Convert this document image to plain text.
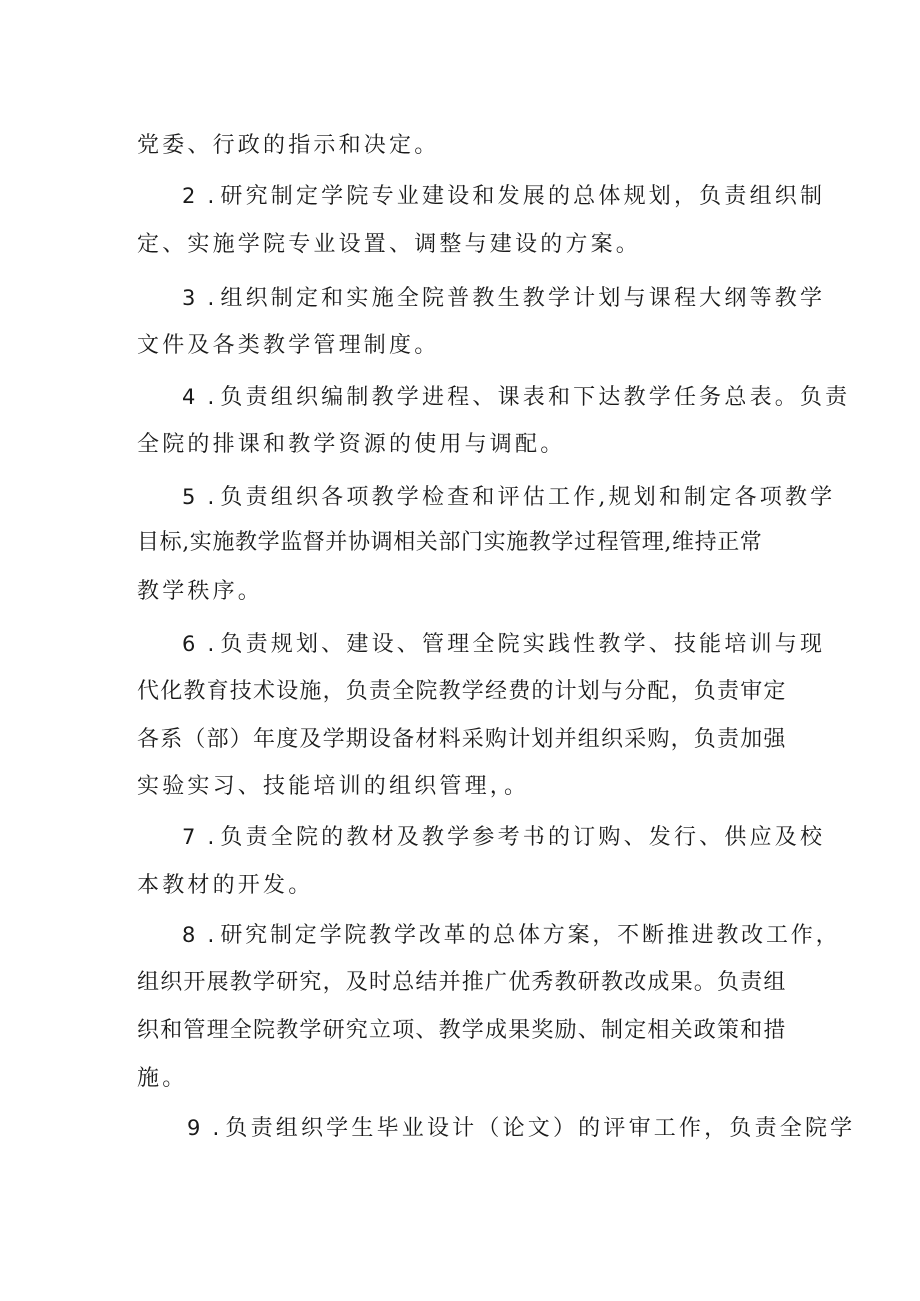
党委、行政的指示和决定。
2 . 研究制定学院专业建设和发展的总体规划，负责组织制
定、实施学院专业设置、调整与建设的方案。
3 . 组织制定和实施全院普教生教学计划与课程大纲等教学
文件及各类教学管理制度。
4 . 负责组织编制教学进程、课表和下达教学任务总表。负责
全院的排课和教学资源的使用与调配。
5 . 负责组织各项教学检查和评估工作,规划和制定各项教学
目标,实施教学监督并协调相关部门实施教学过程管理,维持正常
教学秩序。
6 . 负责规划、建设、管理全院实践性教学、技能培训与现
代化教育技术设施，负责全院教学经费的计划与分配，负责审定
各系（部）年度及学期设备材料采购计划并组织采购，负责加强
实验实习、技能培训的组织管理，。
7 . 负责全院的教材及教学参考书的订购、发行、供应及校
本教材的开发。
8 . 研究制定学院教学改革的总体方案，不断推进教改工作，
组织开展教学研究，及时总结并推广优秀教研教改成果。负责组
织和管理全院教学研究立项、教学成果奖励、制定相关政策和措
施。
9 . 负责组织学生毕业设计（论文）的评审工作，负责全院学
